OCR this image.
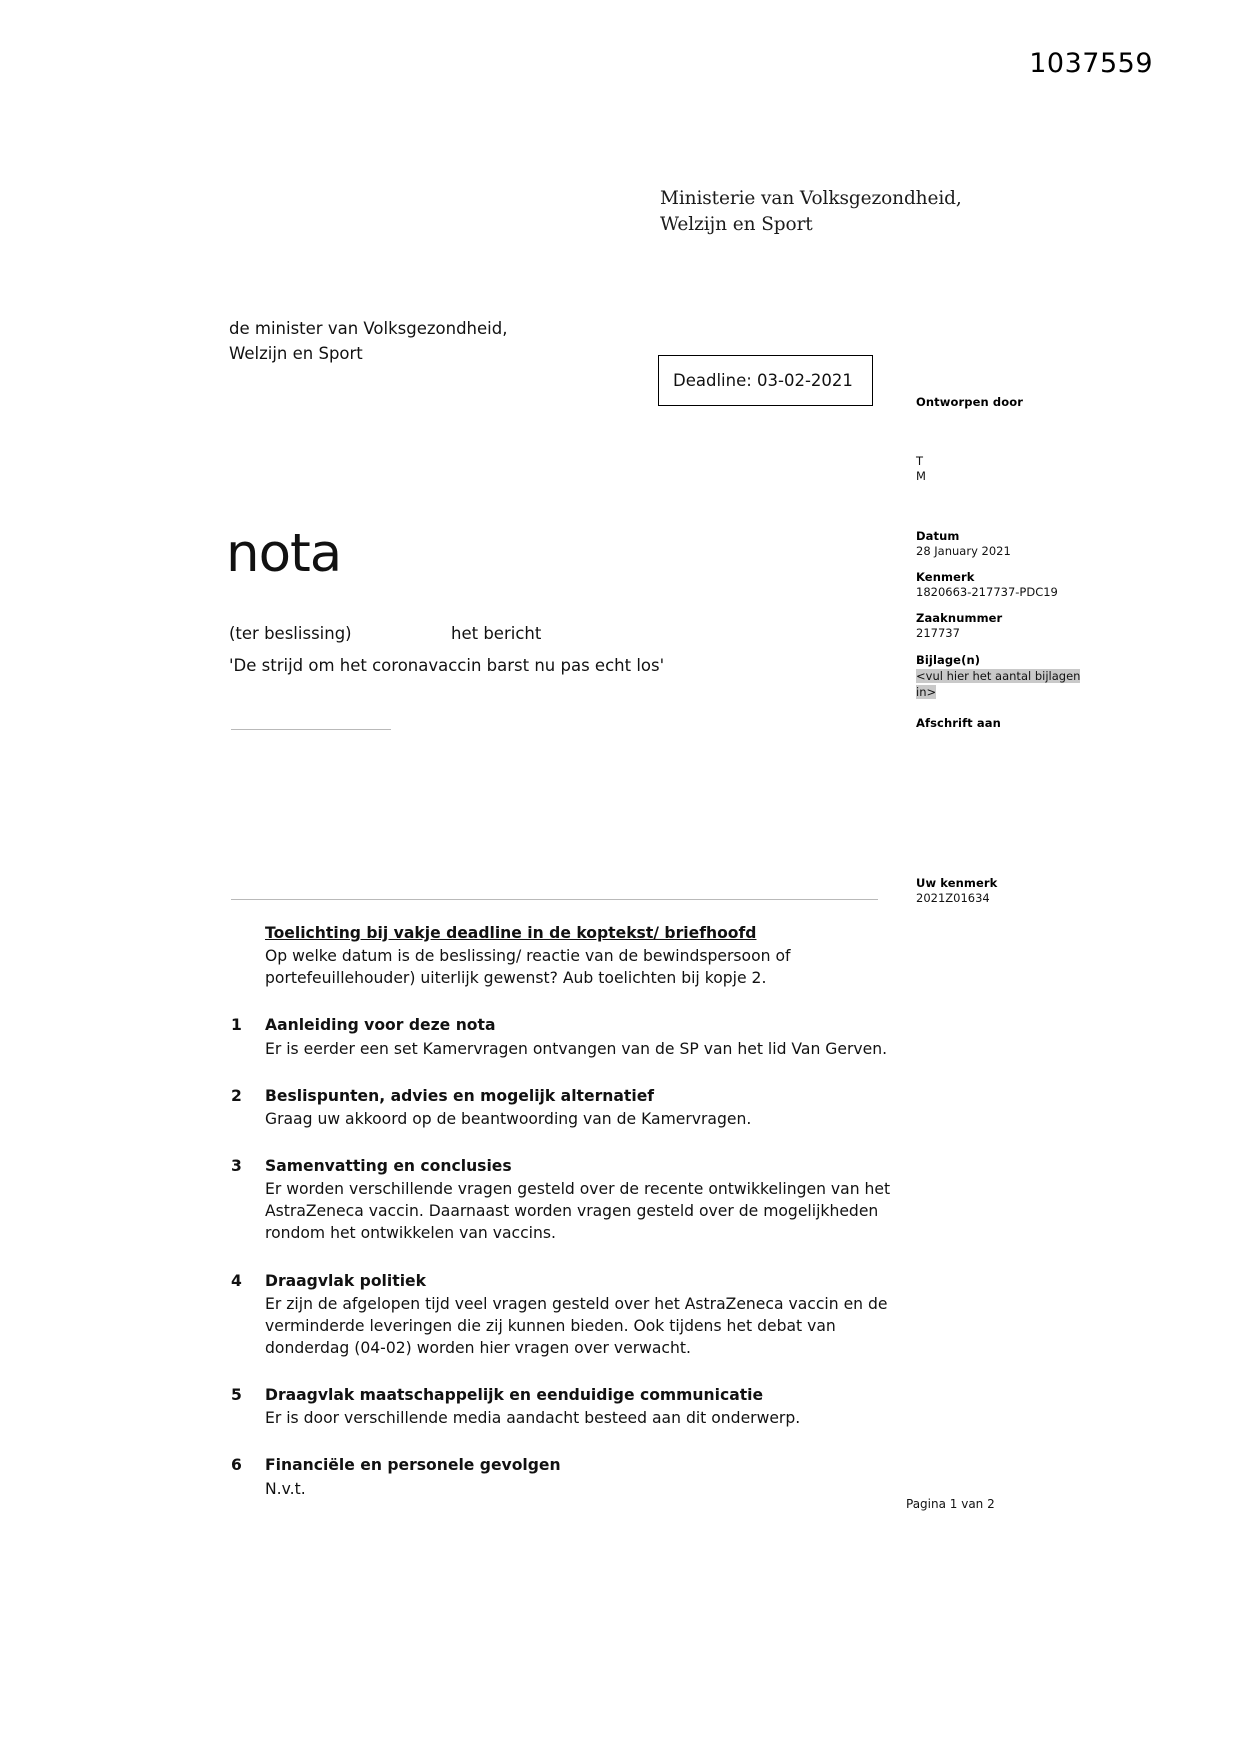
1037559
Ministerie van Volksgezondheid,
Welzijn en Sport
de minister van Volksgezondheid,
Welzijn en Sport
Deadline: 03-02-2021
Ontworpen door
T
M
Datum
28 January 2021
Kenmerk
1820663-217737-PDC19
Zaaknummer
217737
Bijlage(n)
<vul hier het aantal bijlagen in>
Afschrift aan
Uw kenmerk
2021Z01634
nota
(ter beslissing)	het bericht
'De strijd om het coronavaccin barst nu pas echt los'
Toelichting bij vakje deadline in de koptekst/ briefhoofd
Op welke datum is de beslissing/ reactie van de bewindspersoon of portefeuillehouder) uiterlijk gewenst? Aub toelichten bij kopje 2.
1	Aanleiding voor deze nota
Er is eerder een set Kamervragen ontvangen van de SP van het lid Van Gerven.
2	Beslispunten, advies en mogelijk alternatief
Graag uw akkoord op de beantwoording van de Kamervragen.
3	Samenvatting en conclusies
Er worden verschillende vragen gesteld over de recente ontwikkelingen van het AstraZeneca vaccin. Daarnaast worden vragen gesteld over de mogelijkheden rondom het ontwikkelen van vaccins.
4	Draagvlak politiek
Er zijn de afgelopen tijd veel vragen gesteld over het AstraZeneca vaccin en de verminderde leveringen die zij kunnen bieden. Ook tijdens het debat van donderdag (04-02) worden hier vragen over verwacht.
5	Draagvlak maatschappelijk en eenduidige communicatie
Er is door verschillende media aandacht besteed aan dit onderwerp.
6	Financiële en personele gevolgen
N.v.t.
Pagina 1 van 2
